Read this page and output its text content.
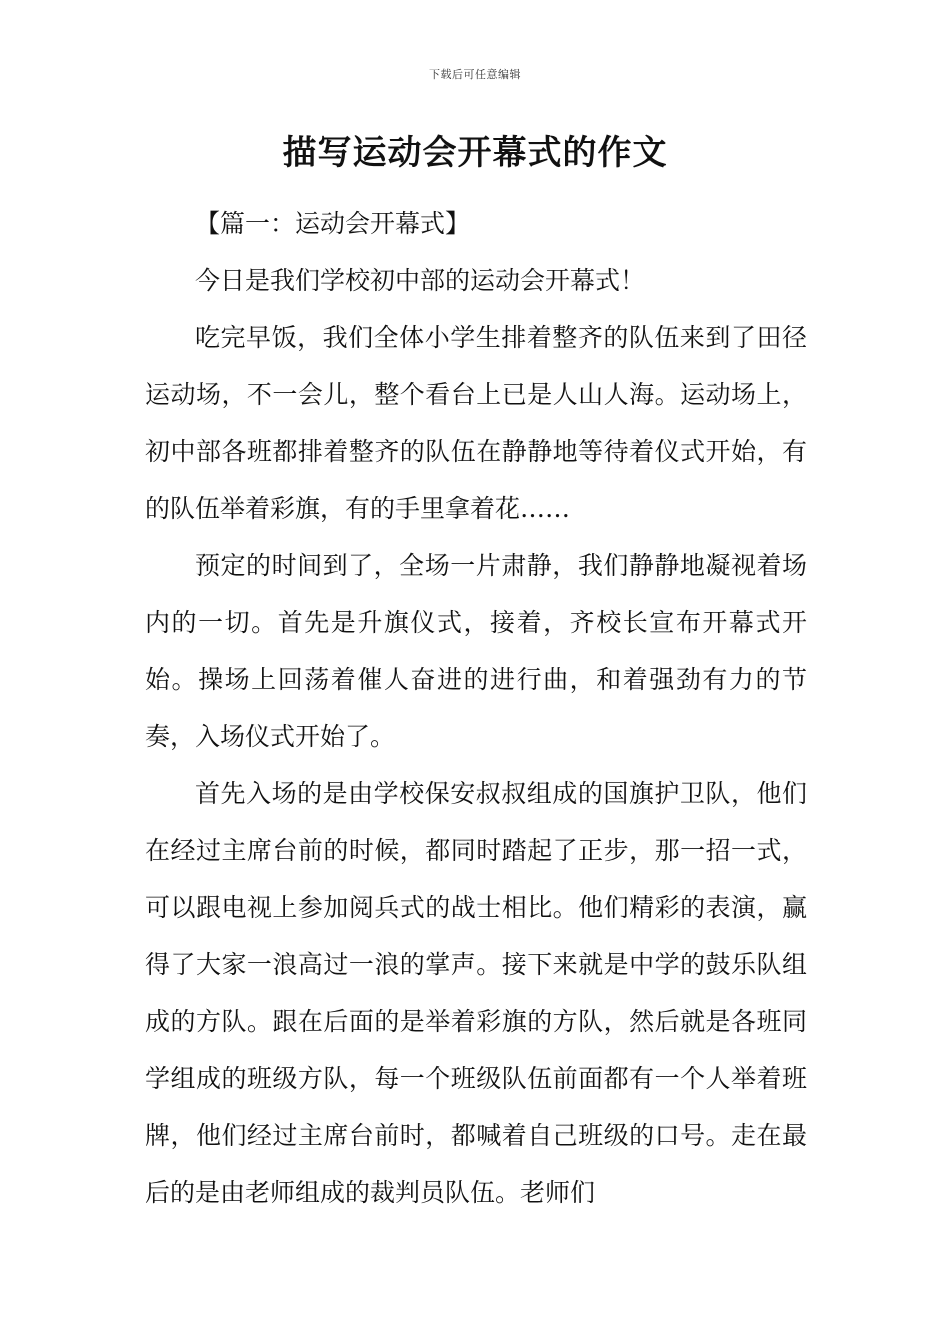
下载后可任意编辑
描写运动会开幕式的作文

【篇一：运动会开幕式】

今日是我们学校初中部的运动会开幕式！

吃完早饭，我们全体小学生排着整齐的队伍来到了田径运动场，不一会儿，整个看台上已是人山人海。运动场上，初中部各班都排着整齐的队伍在静静地等待着仪式开始，有的队伍举着彩旗，有的手里拿着花……

预定的时间到了，全场一片肃静，我们静静地凝视着场内的一切。首先是升旗仪式，接着，齐校长宣布开幕式开始。操场上回荡着催人奋进的进行曲，和着强劲有力的节奏，入场仪式开始了。

首先入场的是由学校保安叔叔组成的国旗护卫队，他们在经过主席台前的时候，都同时踏起了正步，那一招一式，可以跟电视上参加阅兵式的战士相比。他们精彩的表演，赢得了大家一浪高过一浪的掌声。接下来就是中学的鼓乐队组成的方队。跟在后面的是举着彩旗的方队，然后就是各班同学组成的班级方队，每一个班级队伍前面都有一个人举着班牌，他们经过主席台前时，都喊着自己班级的口号。走在最后的是由老师组成的裁判员队伍。老师们
